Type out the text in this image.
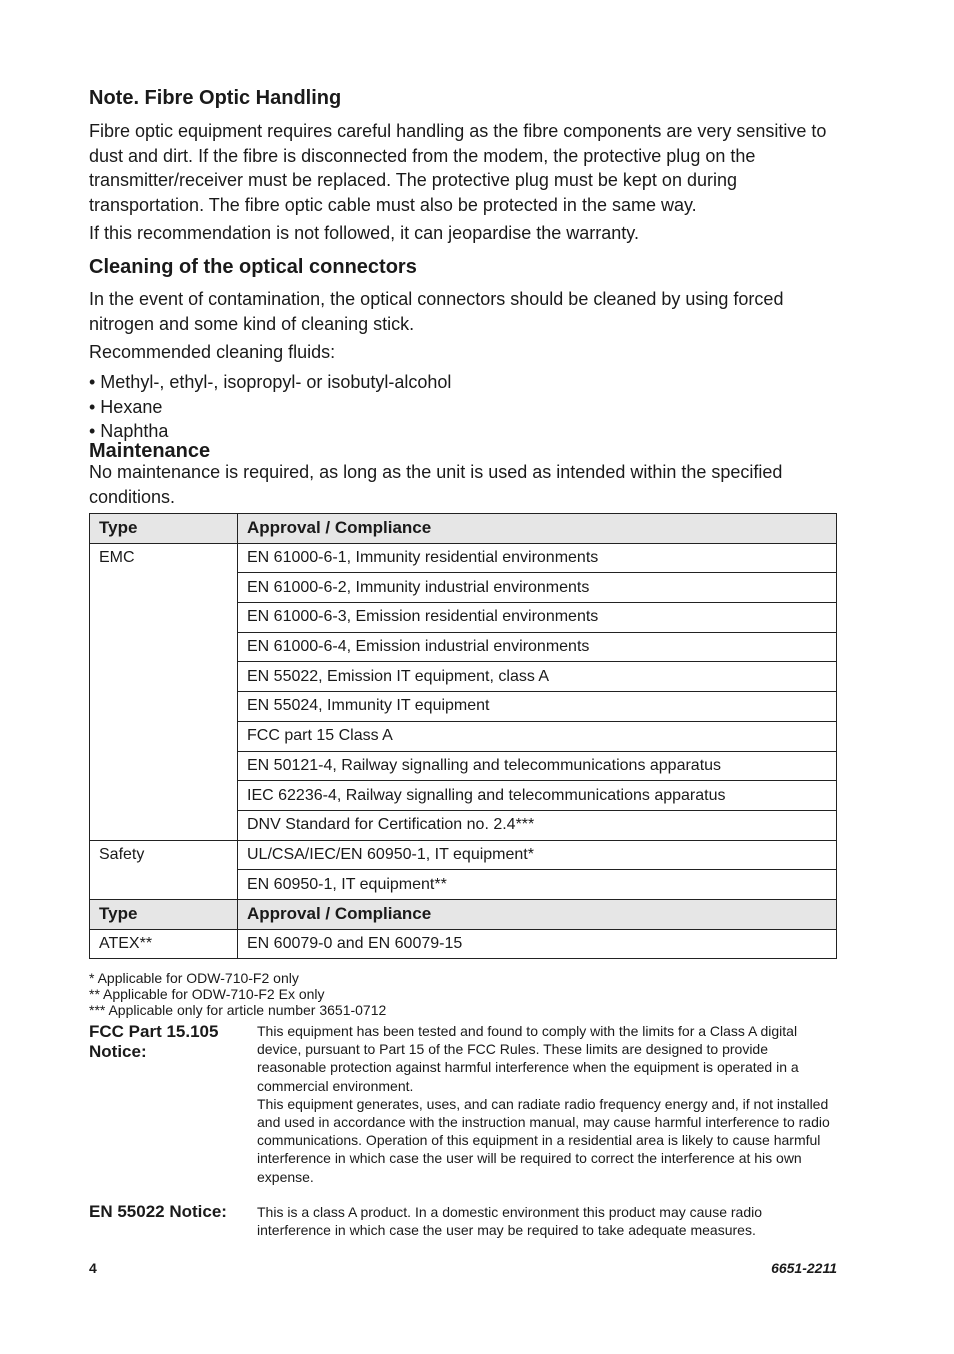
Note. Fibre Optic Handling

Fibre optic equipment requires careful handling as the fibre components are very sensitive to dust and dirt. If the fibre is disconnected from the modem, the protective plug on the transmitter/receiver must be replaced. The protective plug must be kept on during transportation. The fibre optic cable must also be protected in the same way.

If this recommendation is not followed, it can jeopardise the warranty.

Cleaning of the optical connectors

In the event of contamination, the optical connectors should be cleaned by using forced nitrogen and some kind of cleaning stick.

Recommended cleaning fluids:

• Methyl-, ethyl-, isopropyl- or isobutyl-alcohol
• Hexane
• Naphtha
Maintenance

No maintenance is required, as long as the unit is used as intended within the specified conditions.

Type	Approval / Compliance
EMC	EN 61000-6-1, Immunity residential environments
	EN 61000-6-2, Immunity industrial environments
	EN 61000-6-3, Emission residential environments
	EN 61000-6-4, Emission industrial environments
	EN 55022, Emission IT equipment, class A
	EN 55024, Immunity IT equipment
	FCC part 15 Class A
	EN 50121-4, Railway signalling and telecommunications apparatus
	IEC 62236-4, Railway signalling and telecommunications apparatus
	DNV Standard for Certification no. 2.4***
Safety	UL/CSA/IEC/EN 60950-1, IT equipment*
	EN 60950-1, IT equipment**
Type	Approval / Compliance
ATEX**	EN 60079-0 and EN 60079-15
* Applicable for ODW-710-F2 only
** Applicable for ODW-710-F2 Ex only
*** Applicable only for article number 3651-0712
FCC Part 15.105 Notice:
This equipment has been tested and found to comply with the limits for a Class A digital device, pursuant to Part 15 of the FCC Rules. These limits are designed to provide reasonable protection against harmful interference when the equipment is operated in a commercial environment.
This equipment generates, uses, and can radiate radio frequency energy and, if not installed and used in accordance with the instruction manual, may cause harmful interference to radio communications. Operation of this equipment in a residential area is likely to cause harmful interference in which case the user will be required to correct the interference at his own expense.
EN 55022 Notice:	This is a class A product. In a domestic environment this product may cause radio interference in which case the user may be required to take adequate measures.
4	6651-2211
